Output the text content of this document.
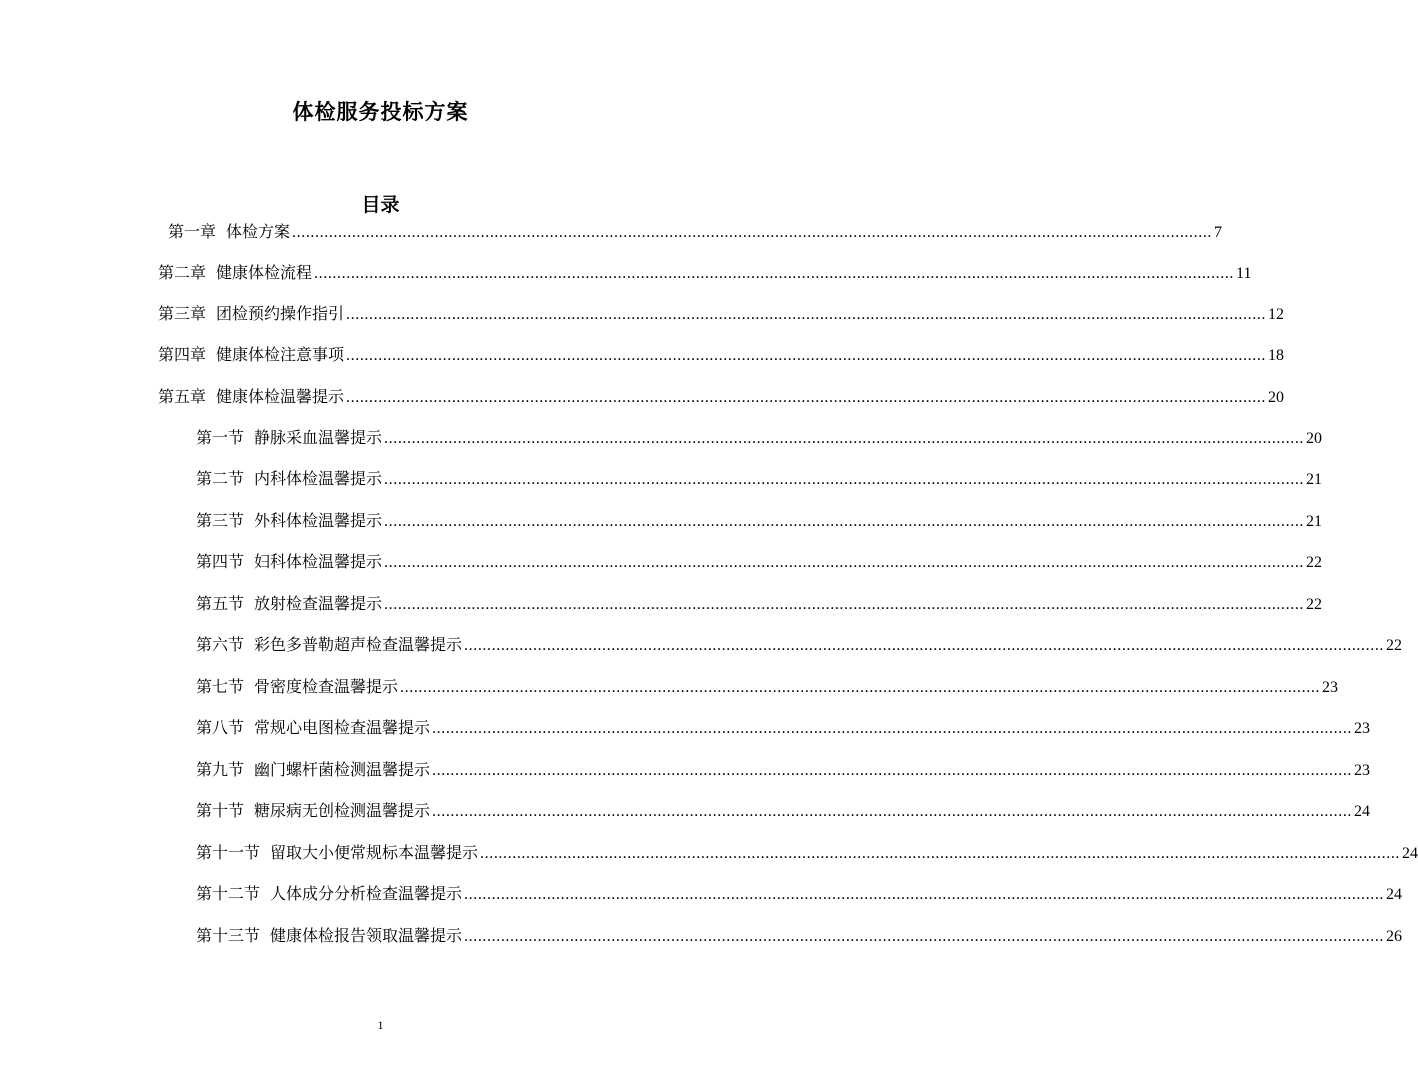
体检服务投标方案
目录
第一章 体检方案 ........................................................................................................................................................................................................ 7
第二章 健康体检流程 ........................................................................................................................................................................................................ 11
第三章 团检预约操作指引 ........................................................................................................................................................................................................ 12
第四章 健康体检注意事项 ........................................................................................................................................................................................................ 18
第五章 健康体检温馨提示 ........................................................................................................................................................................................................ 20
第一节 静脉采血温馨提示 ........................................................................................................................................................................................................ 20
第二节 内科体检温馨提示 ........................................................................................................................................................................................................ 21
第三节 外科体检温馨提示 ........................................................................................................................................................................................................ 21
第四节 妇科体检温馨提示 ........................................................................................................................................................................................................ 22
第五节 放射检查温馨提示 ........................................................................................................................................................................................................ 22
第六节 彩色多普勒超声检查温馨提示 ........................................................................................................................................................................................................ 22
第七节 骨密度检查温馨提示 ........................................................................................................................................................................................................ 23
第八节 常规心电图检查温馨提示 ........................................................................................................................................................................................................ 23
第九节 幽门螺杆菌检测温馨提示 ........................................................................................................................................................................................................ 23
第十节 糖尿病无创检测温馨提示 ........................................................................................................................................................................................................ 24
第十一节 留取大小便常规标本温馨提示 ........................................................................................................................................................................................................ 24
第十二节 人体成分分析检查温馨提示 ........................................................................................................................................................................................................ 24
第十三节 健康体检报告领取温馨提示 ........................................................................................................................................................................................................ 26
1
